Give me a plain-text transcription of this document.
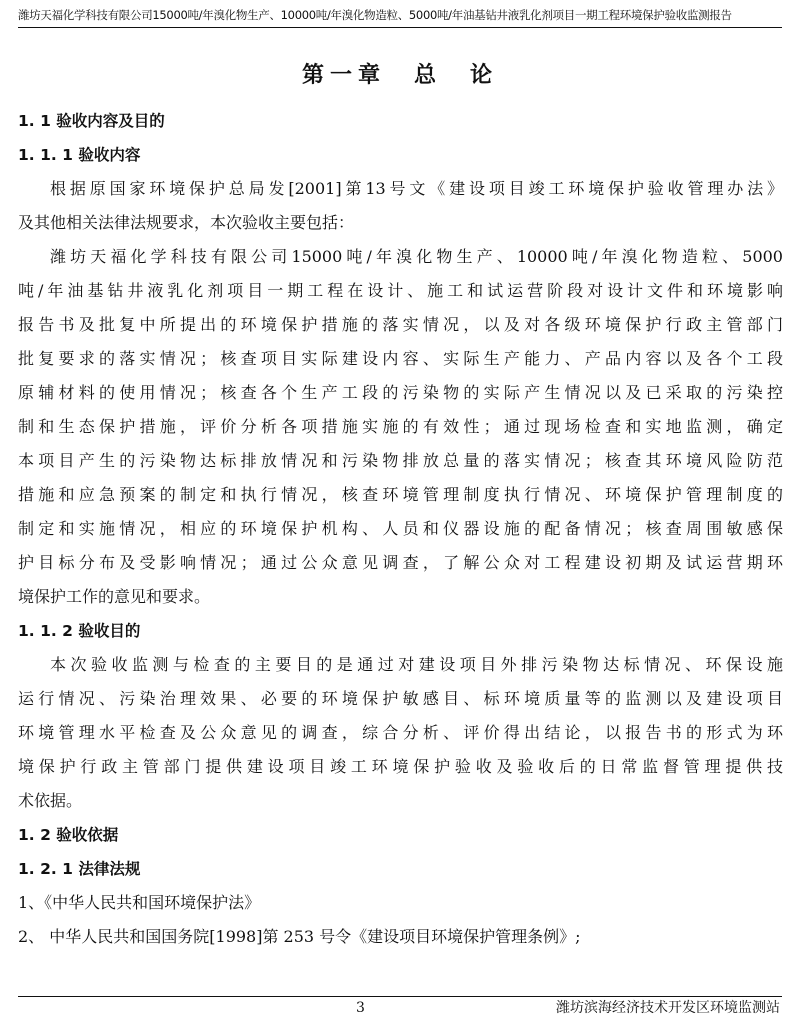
潍坊天福化学科技有限公司15000吨/年溴化物生产、10000吨/年溴化物造粒、5000吨/年油基钻井液乳化剂项目一期工程环境保护验收监测报告
第一章　总　论
1. 1 验收内容及目的
1. 1. 1 验收内容
根据原国家环境保护总局发[2001]第13号文《建设项目竣工环境保护验收管理办法》
及其他相关法律法规要求，本次验收主要包括：
潍坊天福化学科技有限公司15000吨/年溴化物生产、10000吨/年溴化物造粒、5000
吨/年油基钻井液乳化剂项目一期工程在设计、施工和试运营阶段对设计文件和环境影响
报告书及批复中所提出的环境保护措施的落实情况，以及对各级环境保护行政主管部门
批复要求的落实情况；核查项目实际建设内容、实际生产能力、产品内容以及各个工段
原辅材料的使用情况；核查各个生产工段的污染物的实际产生情况以及已采取的污染控
制和生态保护措施，评价分析各项措施实施的有效性；通过现场检查和实地监测，确定
本项目产生的污染物达标排放情况和污染物排放总量的落实情况；核查其环境风险防范
措施和应急预案的制定和执行情况，核查环境管理制度执行情况、环境保护管理制度的
制定和实施情况，相应的环境保护机构、人员和仪器设施的配备情况；核查周围敏感保
护目标分布及受影响情况；通过公众意见调查，了解公众对工程建设初期及试运营期环
境保护工作的意见和要求。
1. 1. 2 验收目的
本次验收监测与检查的主要目的是通过对建设项目外排污染物达标情况、环保设施
运行情况、污染治理效果、必要的环境保护敏感目、标环境质量等的监测以及建设项目
环境管理水平检查及公众意见的调查，综合分析、评价得出结论，以报告书的形式为环
境保护行政主管部门提供建设项目竣工环境保护验收及验收后的日常监督管理提供技
术依据。
1. 2 验收依据
1. 2. 1 法律法规
1、《中华人民共和国环境保护法》
2、 中华人民共和国国务院[1998]第 253 号令《建设项目环境保护管理条例》;
3	潍坊滨海经济技术开发区环境监测站
